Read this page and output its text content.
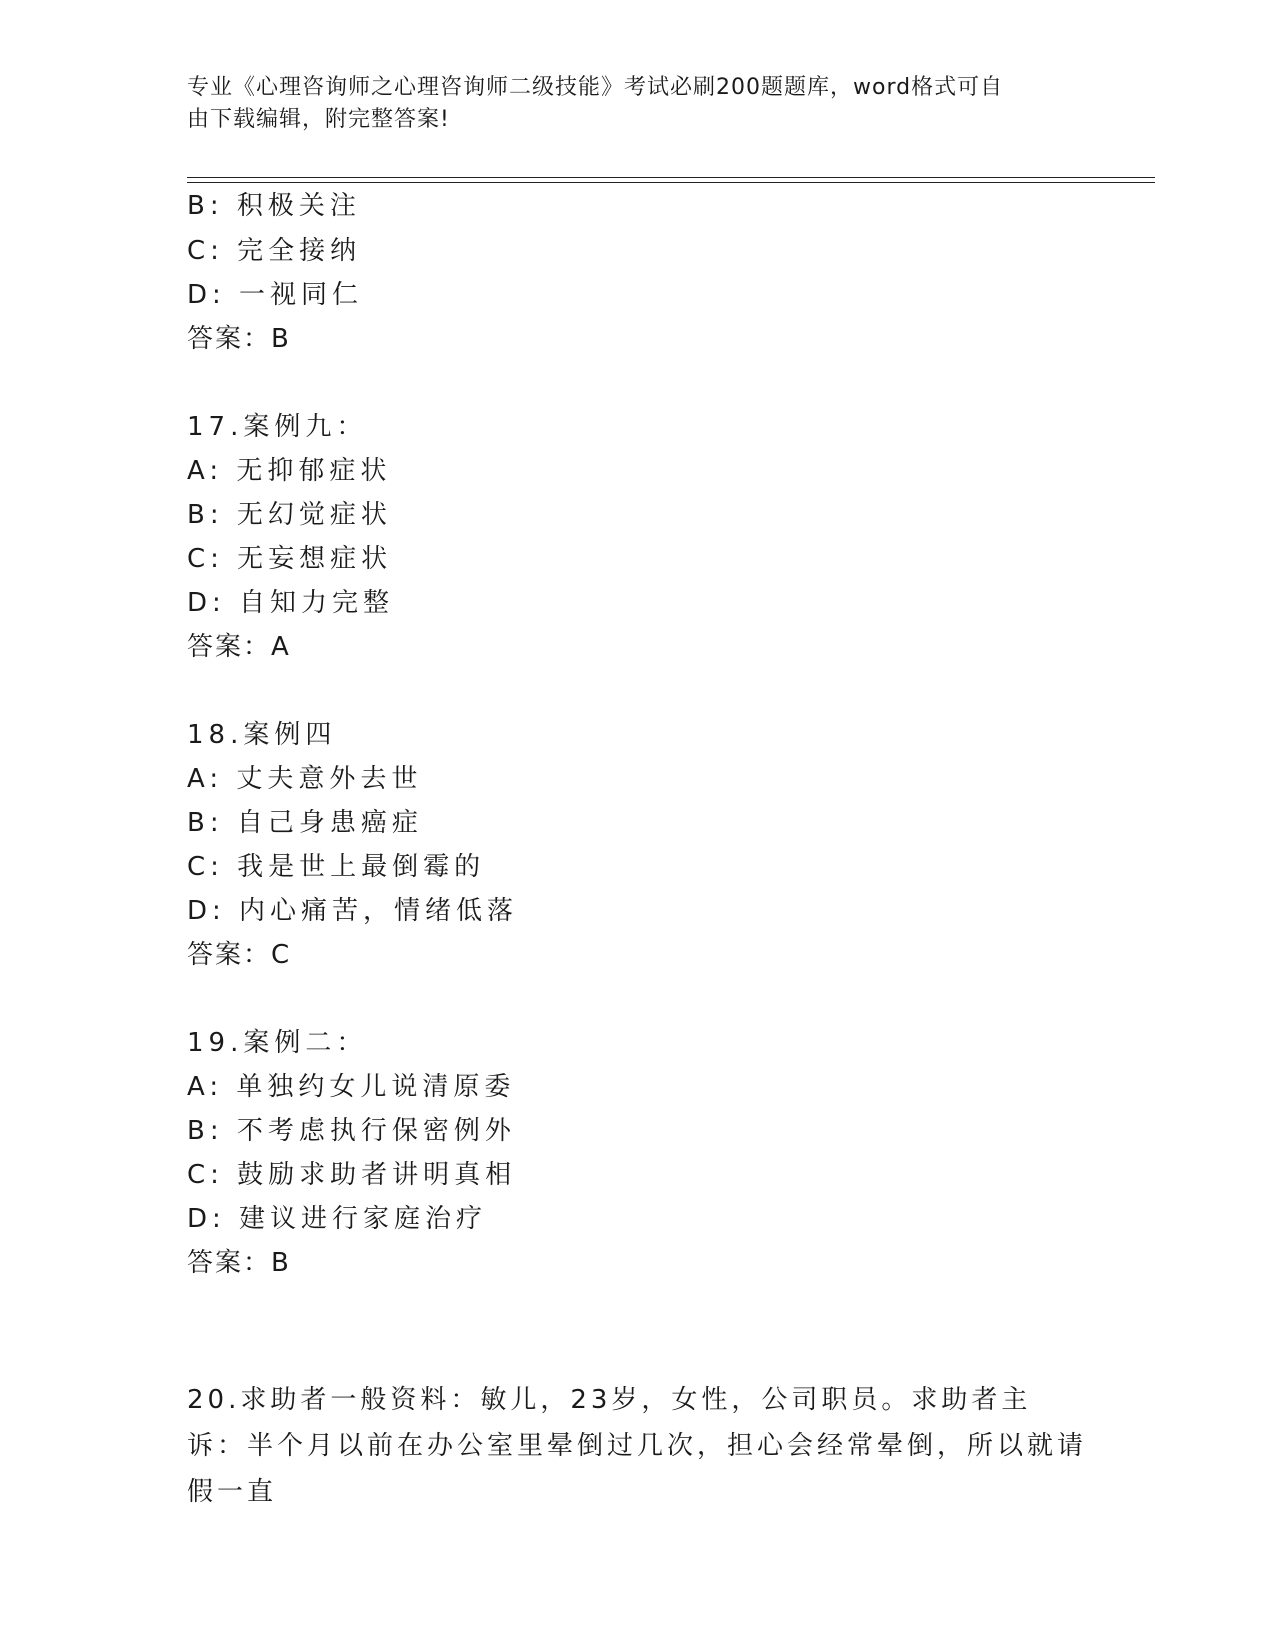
专业《心理咨询师之心理咨询师二级技能》考试必刷200题题库，word格式可自
由下载编辑，附完整答案!
B: 积极关注
C: 完全接纳
D: 一视同仁
答案：B
17.案例九：
A: 无抑郁症状
B: 无幻觉症状
C: 无妄想症状
D: 自知力完整
答案：A
18.案例四
A: 丈夫意外去世
B: 自己身患癌症
C: 我是世上最倒霉的
D: 内心痛苦，情绪低落
答案：C
19.案例二：
A: 单独约女儿说清原委
B: 不考虑执行保密例外
C: 鼓励求助者讲明真相
D: 建议进行家庭治疗
答案：B
20.求助者一般资料：敏儿，23岁，女性，公司职员。求助者主诉：半个月以前在办公室里晕倒过几次，担心会经常晕倒，所以就请假一直
